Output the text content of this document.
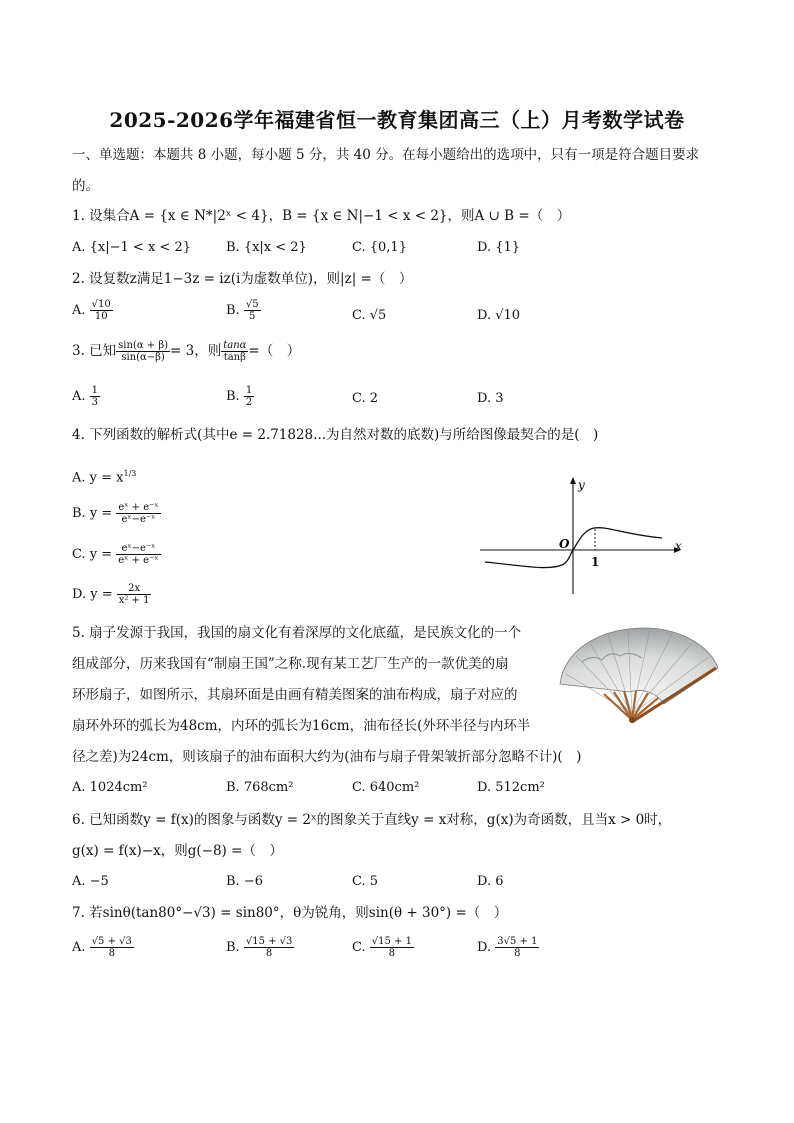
2025-2026学年福建省恒一教育集团高三（上）月考数学试卷
一、单选题：本题共 8 小题，每小题 5 分，共 40 分。在每小题给出的选项中，只有一项是符合题目要求
的。
1. 设集合A = {x ∈ N*|2ˣ < 4}，B = {x ∈ N|−1 < x < 2}，则A ∪ B =（　）
A. {x|−1 < x < 2}	B. {x|x < 2}	C. {0,1}	D. {1}
2. 设复数z满足1−3z = iz(i为虚数单位)，则|z| =（　）
A. $\frac{√10}{10}$	B. $\frac{√5}{5}$	C. √5	D. √10
3. 已知 $\frac{\sin(\alpha + \beta)}{\sin(\alpha-\beta)} = 3$，则 $\frac{\tan\alpha}{\tan\beta}$ =（　）
A. $\frac{1}{3}$	B. $\frac{1}{2}$	C. 2	D. 3
4. 下列函数的解析式(其中e = 2.71828...为自然对数的底数)与所给图像最契合的是(　)
A. $y = x^{1/3}$
B. $y = \frac{\text{eˣ + e⁻ˣ}}{\text{eˣ−e⁻ˣ}}$
C. $y = \frac{\text{eˣ−e⁻ˣ}}{\text{eˣ + e⁻ˣ}}$
D. $y = \frac{2x}{\text{x² + 1}}$
y
x
O
1
5. 扇子发源于我国，我国的扇文化有着深厚的文化底蕴，是民族文化的一个
组成部分，历来我国有“制扇王国”之称.现有某工艺厂生产的一款优美的扇
环形扇子，如图所示，其扇环面是由画有精美图案的油布构成，扇子对应的
扇环外环的弧长为48cm，内环的弧长为16cm，油布径长(外环半径与内环半
径之差)为24cm，则该扇子的油布面积大约为(油布与扇子骨架皱折部分忽略不计)(　)
A. 1024cm²	B. 768cm²	C. 640cm²	D. 512cm²
6. 已知函数y = f(x)的图象与函数y = 2ˣ的图象关于直线y = x对称，g(x)为奇函数，且当x > 0时，
g(x) = f(x)−x，则g(−8) =（　）
A. −5	B. −6	C. 5	D. 6
7. 若sinθ(tan80°−√3) = sin80°，θ为锐角，则sin(θ + 30°) =（　）
A. $\frac{√5 + √3}{8}$	B. $\frac{√15 + √3}{8}$	C. $\frac{√15 + 1}{8}$	D. $\frac{3√5 + 1}{8}$
